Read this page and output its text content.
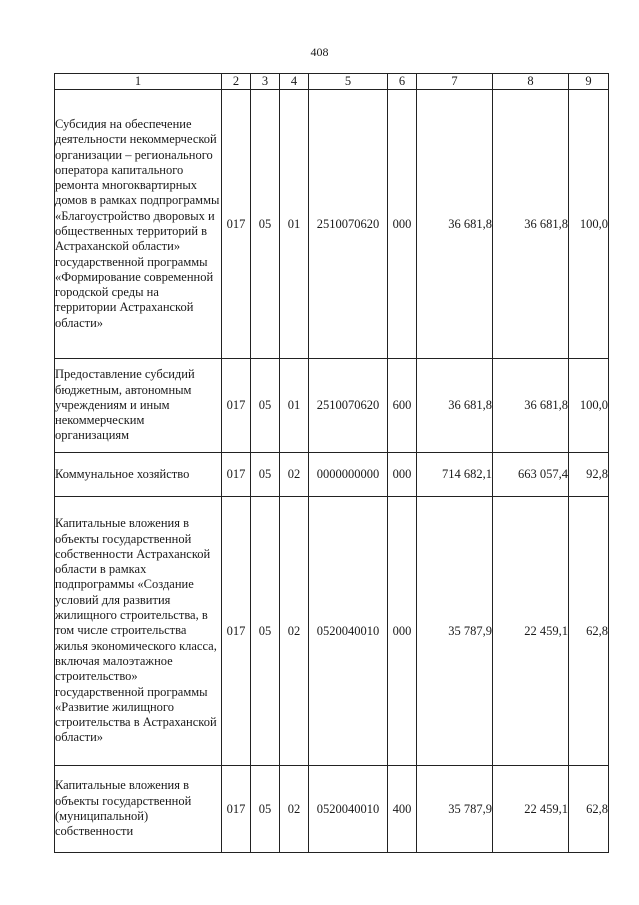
408
1	2	3	4	5	6	7	8	9
Субсидия на обеспечение деятельности некоммерческой организации – регионального оператора капитального ремонта многоквартирных домов в рамках подпрограммы «Благоустройство дворовых и общественных территорий в Астраханской области» государственной программы «Формирование современной городской среды на территории Астраханской области»	017	05	01	2510070620	000	36 681,8	36 681,8	100,0
Предоставление субсидий бюджетным, автономным учреждениям и иным некоммерческим организациям	017	05	01	2510070620	600	36 681,8	36 681,8	100,0
Коммунальное хозяйство	017	05	02	0000000000	000	714 682,1	663 057,4	92,8
Капитальные вложения в объекты государственной собственности Астраханской области в рамках подпрограммы «Создание условий для развития жилищного строительства, в том числе строительства жилья экономического класса, включая малоэтажное строительство» государственной программы «Развитие жилищного строительства в Астраханской области»	017	05	02	0520040010	000	35 787,9	22 459,1	62,8
Капитальные вложения в объекты государственной (муниципальной) собственности	017	05	02	0520040010	400	35 787,9	22 459,1	62,8
